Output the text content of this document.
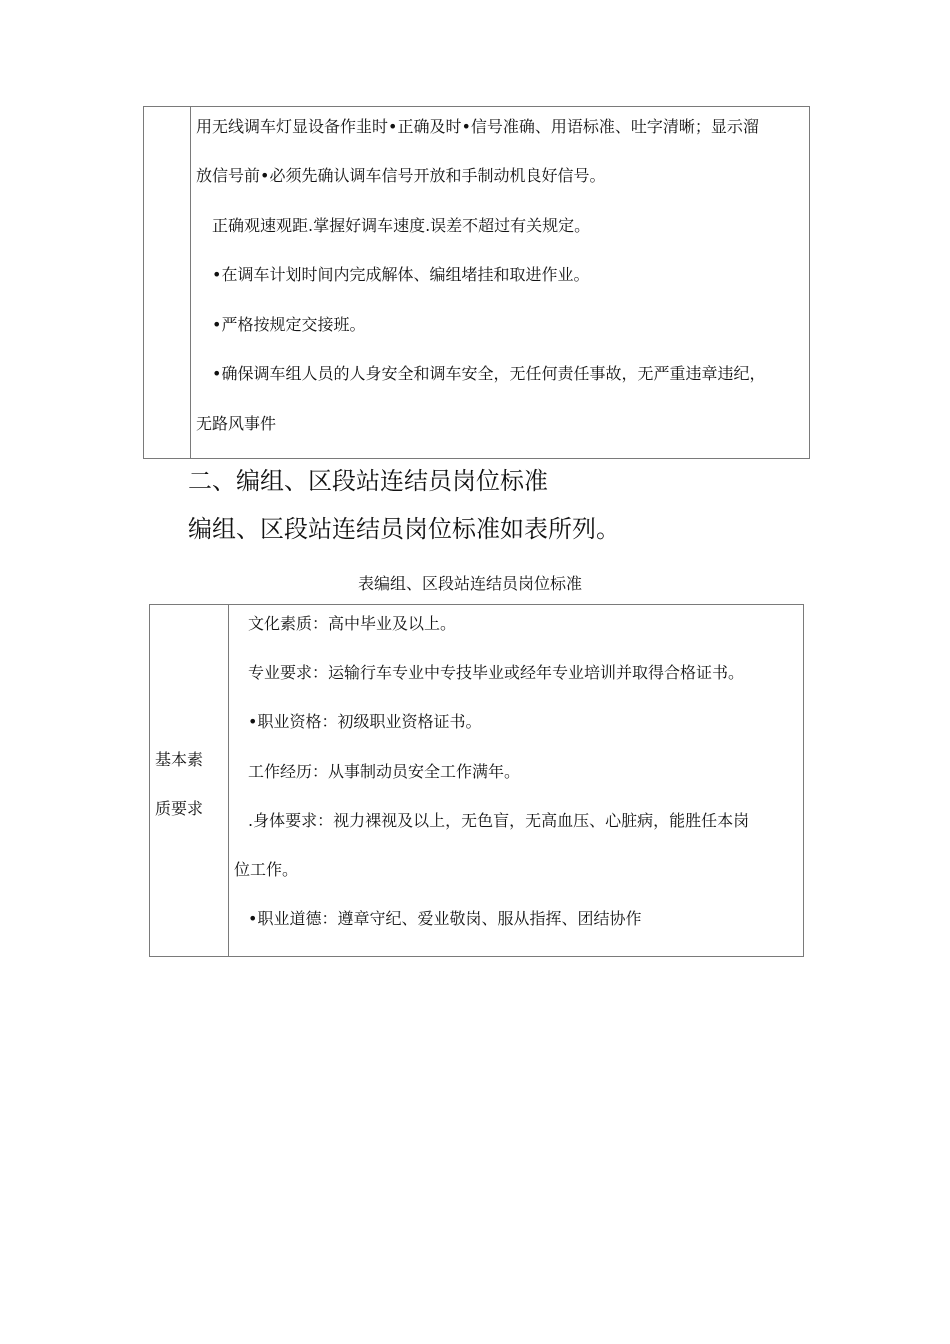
用无线调车灯显设备作韭时•正确及时•信号准确、用语标准、吐字清晰；显示溜
放信号前•必须先确认调车信号开放和手制动机良好信号。
正确观速观距.掌握好调车速度.误差不超过有关规定。
•在调车计划时间内完成解体、编组堵挂和取进作业。
•严格按规定交接班。
•确保调车组人员的人身安全和调车安全，无任何责任事故，无严重违章违纪，
无路风事件
二、编组、区段站连结员岗位标准
编组、区段站连结员岗位标准如表所列。
表编组、区段站连结员岗位标准
基本素
质要求
文化素质：高中毕业及以上。
专业要求：运输行车专业中专技毕业或经年专业培训并取得合格证书。
•职业资格：初级职业资格证书。
工作经历：从事制动员安全工作满年。
.身体要求：视力裸视及以上，无色盲，无高血压、心脏病，能胜任本岗
位工作。
•职业道德：遵章守纪、爱业敬岗、服从指挥、团结协作
